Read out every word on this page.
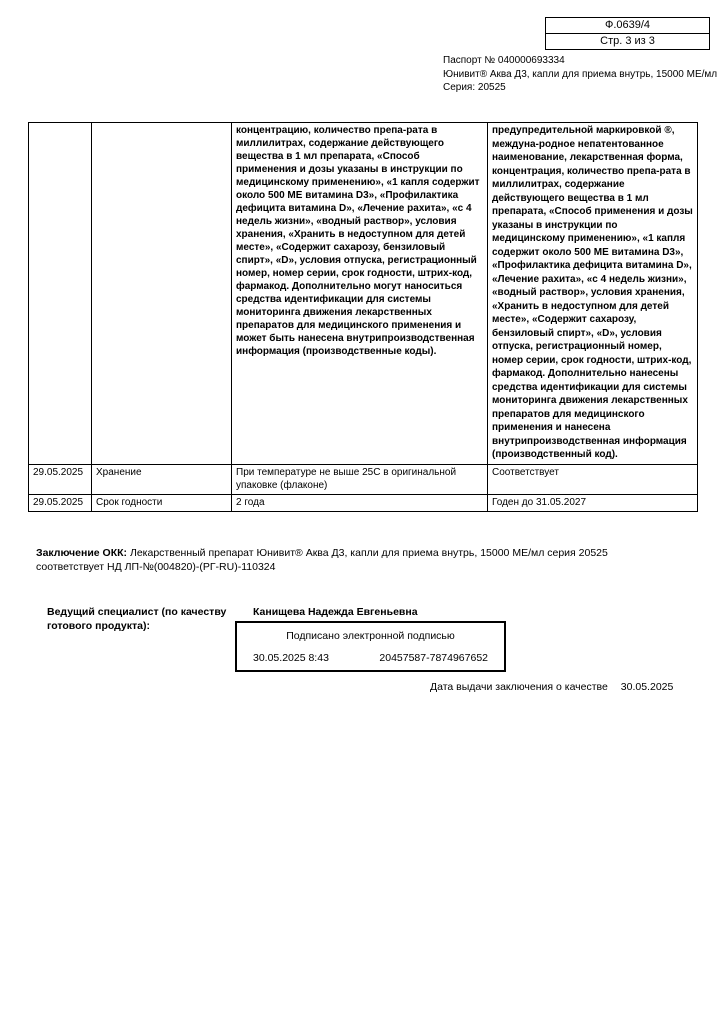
Ф.0639/4
Стр. 3 из 3
Паспорт № 040000693334
Юнивит® Аква Д3, капли для приема внутрь, 15000 МЕ/мл
Серия: 20525
		концентрацию, количество препа-рата в миллилитрах, содержание действующего вещества в 1 мл препарата, «Способ применения и дозы указаны в инструкции по медицинскому применению», «1 капля содержит около 500 МЕ витамина D3», «Профилактика дефицита витамина D», «Лечение рахита», «с 4 недель жизни», «водный раствор», условия хранения, «Хранить в недоступном для детей месте», «Содержит сахарозу, бензиловый спирт», «D», условия отпуска, регистрационный номер, номер серии, срок годности, штрих-код, фармакод. Дополнительно могут наноситься средства идентификации для системы мониторинга движения лекарственных препаратов для медицинского применения и может быть нанесена внутрипроизводственная информация (производственные коды).	предупредительной маркировкой ®, междуна-родное непатентованное наименование, лекарственная форма, концентрация, количество препа-рата в миллилитрах, содержание действующего вещества в 1 мл препарата, «Способ применения и дозы указаны в инструкции по медицинскому применению», «1 капля содержит около 500 МЕ витамина D3», «Профилактика дефицита витамина D», «Лечение рахита», «с 4 недель жизни», «водный раствор», условия хранения, «Хранить в недоступном для детей месте», «Содержит сахарозу, бензиловый спирт», «D», условия отпуска, регистрационный номер, номер серии, срок годности, штрих-код, фармакод. Дополнительно нанесены средства идентификации для системы мониторинга движения лекарственных препаратов для медицинского применения и нанесена внутрипроизводственная информация (производственный код).
29.05.2025	Хранение	При температуре не выше 25С в оригинальной упаковке (флаконе)	Соответствует
29.05.2025	Срок годности	2 года	Годен до 31.05.2027
Заключение ОКК: Лекарственный препарат Юнивит® Аква Д3, капли для приема внутрь, 15000 МЕ/мл серия 20525
соответствует НД ЛП-№(004820)-(РГ-RU)-110324
Ведущий специалист (по качеству готового продукта):
Канищева Надежда Евгеньевна
Подписано электронной подписью
30.05.2025 8:43	20457587-7874967652
Дата выдачи заключения о качестве 30.05.2025
